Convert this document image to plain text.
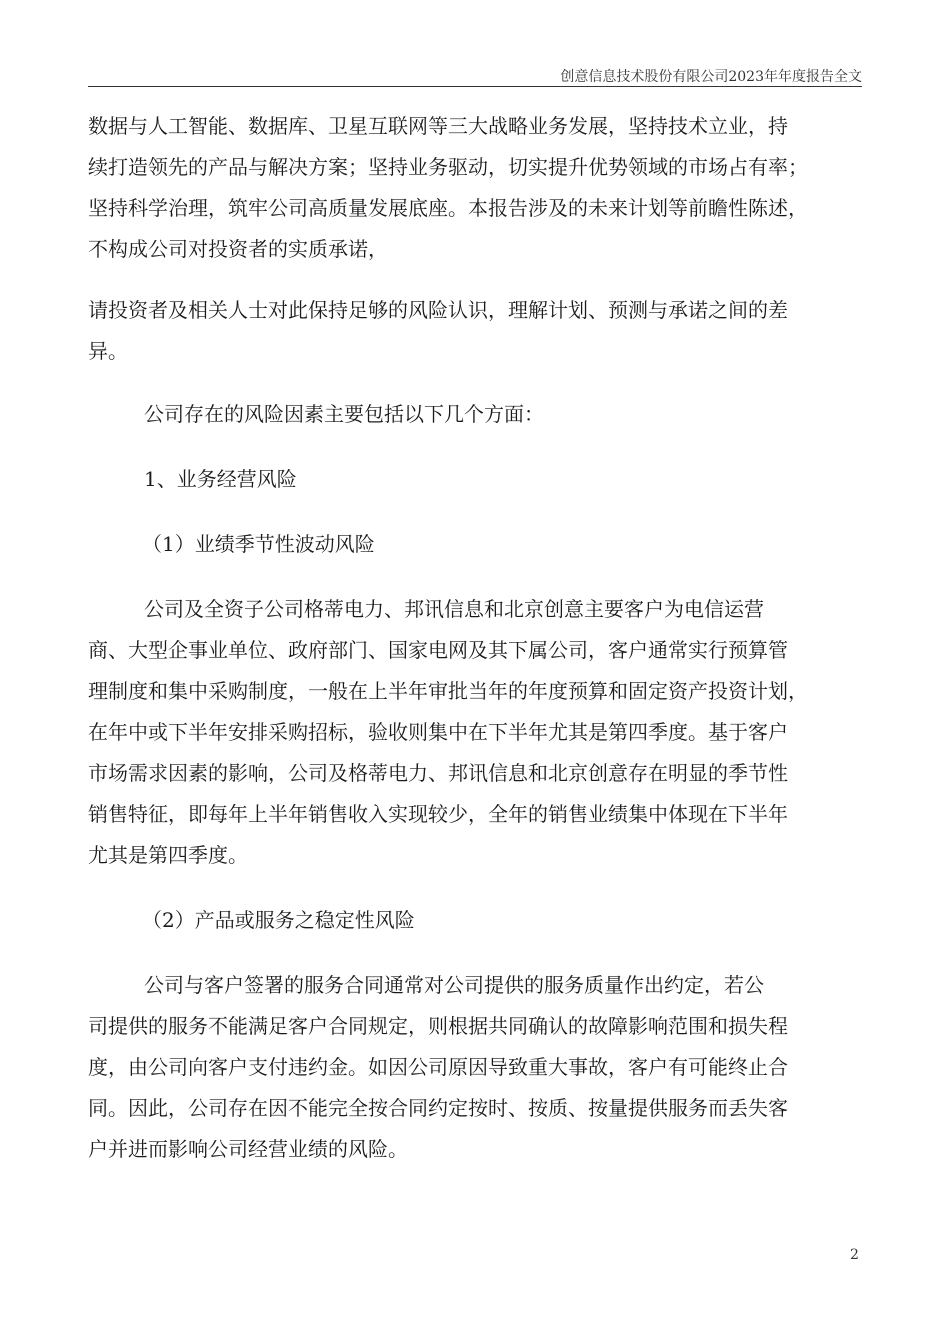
创意信息技术股份有限公司2023年年度报告全文

数据与人工智能、数据库、卫星互联网等三大战略业务发展，坚持技术立业，持
续打造领先的产品与解决方案；坚持业务驱动，切实提升优势领域的市场占有率；
坚持科学治理，筑牢公司高质量发展底座。本报告涉及的未来计划等前瞻性陈述，
不构成公司对投资者的实质承诺，

请投资者及相关人士对此保持足够的风险认识，理解计划、预测与承诺之间的差
异。

公司存在的风险因素主要包括以下几个方面：

1、业务经营风险

（1）业绩季节性波动风险

公司及全资子公司格蒂电力、邦讯信息和北京创意主要客户为电信运营
商、大型企事业单位、政府部门、国家电网及其下属公司，客户通常实行预算管
理制度和集中采购制度，一般在上半年审批当年的年度预算和固定资产投资计划，
在年中或下半年安排采购招标，验收则集中在下半年尤其是第四季度。基于客户
市场需求因素的影响，公司及格蒂电力、邦讯信息和北京创意存在明显的季节性
销售特征，即每年上半年销售收入实现较少，全年的销售业绩集中体现在下半年
尤其是第四季度。

（2）产品或服务之稳定性风险

公司与客户签署的服务合同通常对公司提供的服务质量作出约定，若公
司提供的服务不能满足客户合同规定，则根据共同确认的故障影响范围和损失程
度，由公司向客户支付违约金。如因公司原因导致重大事故，客户有可能终止合
同。因此，公司存在因不能完全按合同约定按时、按质、按量提供服务而丢失客
户并进而影响公司经营业绩的风险。

2
